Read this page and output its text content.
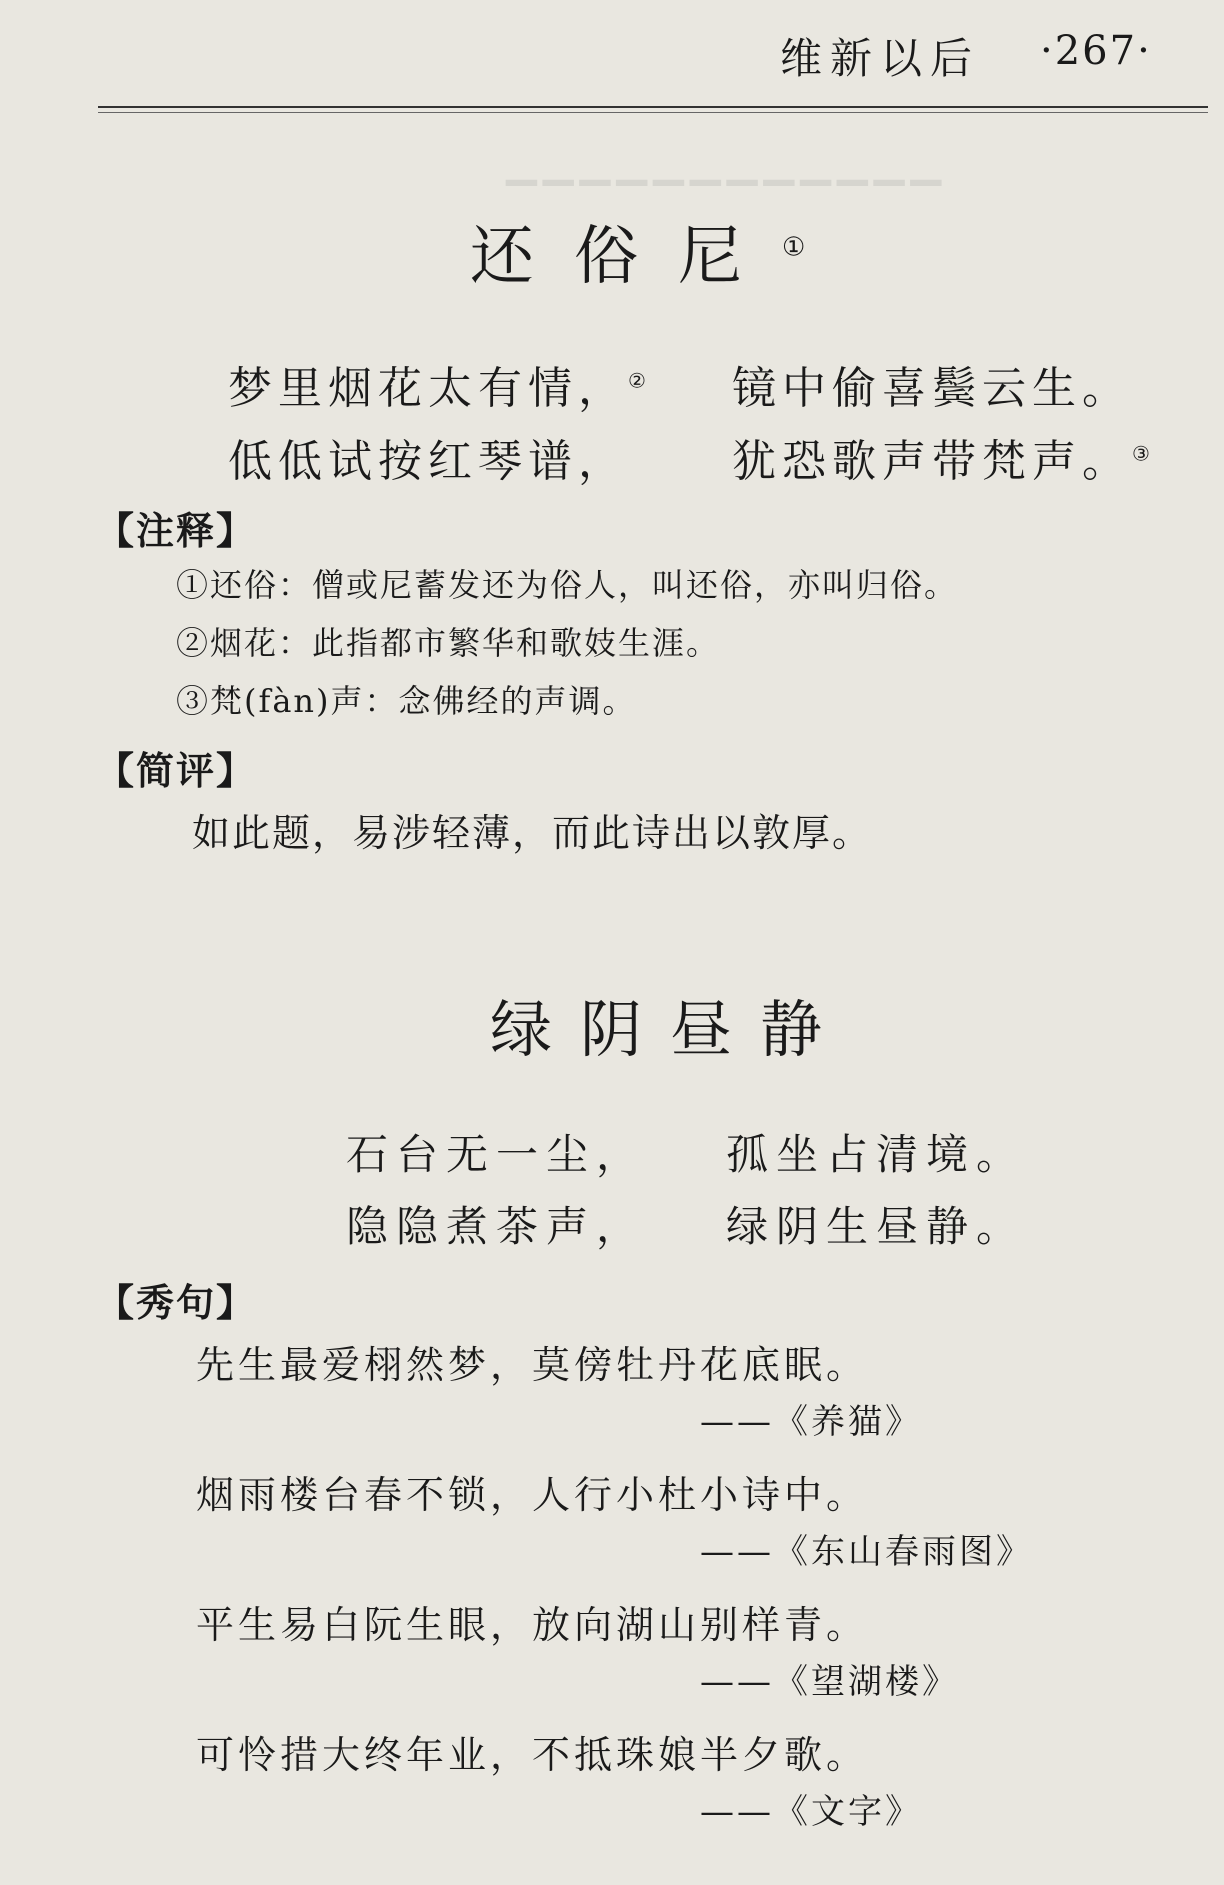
▁▁▁▁▁▁▁▁▁▁▁▁
维新以后 ·267·
还俗尼①
梦里烟花太有情，② 镜中偷喜鬓云生。
低低试按红琴谱， 犹恐歌声带梵声。③
【注释】
①还俗：僧或尼蓄发还为俗人，叫还俗，亦叫归俗。
②烟花：此指都市繁华和歌妓生涯。
③梵(fàn)声：念佛经的声调。
【简评】
如此题，易涉轻薄，而此诗出以敦厚。
绿阴昼静
石台无一尘， 孤坐占清境。
隐隐煮茶声， 绿阴生昼静。
【秀句】
先生最爱栩然梦，莫傍牡丹花底眠。
——《养猫》
烟雨楼台春不锁，人行小杜小诗中。
——《东山春雨图》
平生易白阮生眼，放向湖山别样青。
——《望湖楼》
可怜措大终年业，不抵珠娘半夕歌。
——《文字》
